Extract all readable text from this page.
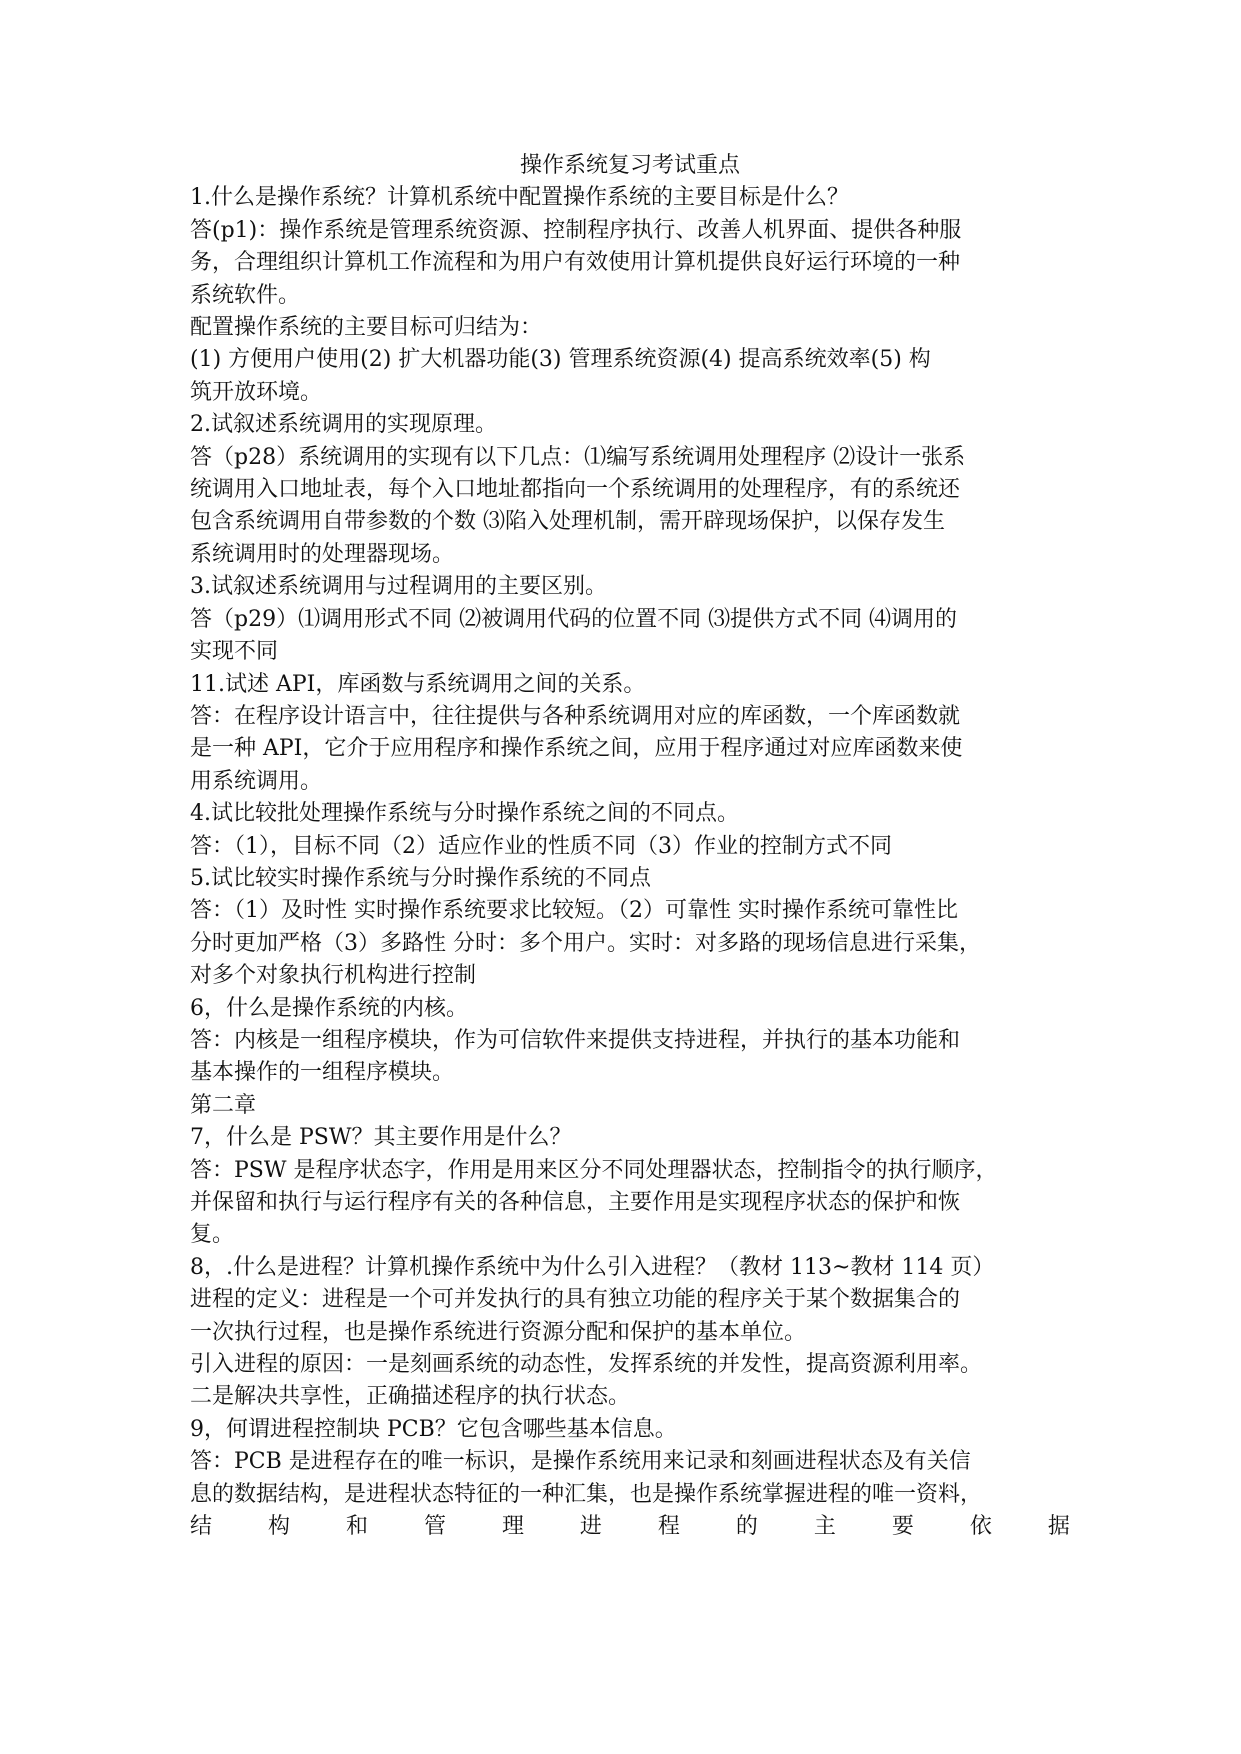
操作系统复习考试重点

1.什么是操作系统？计算机系统中配置操作系统的主要目标是什么？

答(p1)：操作系统是管理系统资源、控制程序执行、改善人机界面、提供各种服

务，合理组织计算机工作流程和为用户有效使用计算机提供良好运行环境的一种

系统软件。

配置操作系统的主要目标可归结为：

(1) 方便用户使用(2) 扩大机器功能(3) 管理系统资源(4) 提高系统效率(5) 构

筑开放环境。

2.试叙述系统调用的实现原理。

答（p28）系统调用的实现有以下几点：⑴编写系统调用处理程序 ⑵设计一张系

统调用入口地址表，每个入口地址都指向一个系统调用的处理程序，有的系统还

包含系统调用自带参数的个数 ⑶陷入处理机制，需开辟现场保护，以保存发生

系统调用时的处理器现场。

3.试叙述系统调用与过程调用的主要区别。

答（p29）⑴调用形式不同 ⑵被调用代码的位置不同 ⑶提供方式不同 ⑷调用的

实现不同

11.试述 API，库函数与系统调用之间的关系。

答：在程序设计语言中，往往提供与各种系统调用对应的库函数，一个库函数就

是一种 API，它介于应用程序和操作系统之间，应用于程序通过对应库函数来使

用系统调用。

4.试比较批处理操作系统与分时操作系统之间的不同点。

答：（1），目标不同（2）适应作业的性质不同（3）作业的控制方式不同

5.试比较实时操作系统与分时操作系统的不同点

答：（1）及时性 实时操作系统要求比较短。（2）可靠性 实时操作系统可靠性比

分时更加严格（3）多路性 分时：多个用户。实时：对多路的现场信息进行采集，

对多个对象执行机构进行控制

6，什么是操作系统的内核。

答：内核是一组程序模块，作为可信软件来提供支持进程，并执行的基本功能和

基本操作的一组程序模块。

第二章

7，什么是 PSW？其主要作用是什么？

答：PSW 是程序状态字，作用是用来区分不同处理器状态，控制指令的执行顺序，

并保留和执行与运行程序有关的各种信息，主要作用是实现程序状态的保护和恢

复。

8，.什么是进程？计算机操作系统中为什么引入进程？（教材 113~教材 114 页）

进程的定义：进程是一个可并发执行的具有独立功能的程序关于某个数据集合的

一次执行过程，也是操作系统进行资源分配和保护的基本单位。

引入进程的原因：一是刻画系统的动态性，发挥系统的并发性，提高资源利用率。

二是解决共享性，正确描述程序的执行状态。

9，何谓进程控制块 PCB？它包含哪些基本信息。

答：PCB 是进程存在的唯一标识，是操作系统用来记录和刻画进程状态及有关信

息的数据结构，是进程状态特征的一种汇集，也是操作系统掌握进程的唯一资料，

结	构	和	管	理	进	程	的	主	要	依	据
